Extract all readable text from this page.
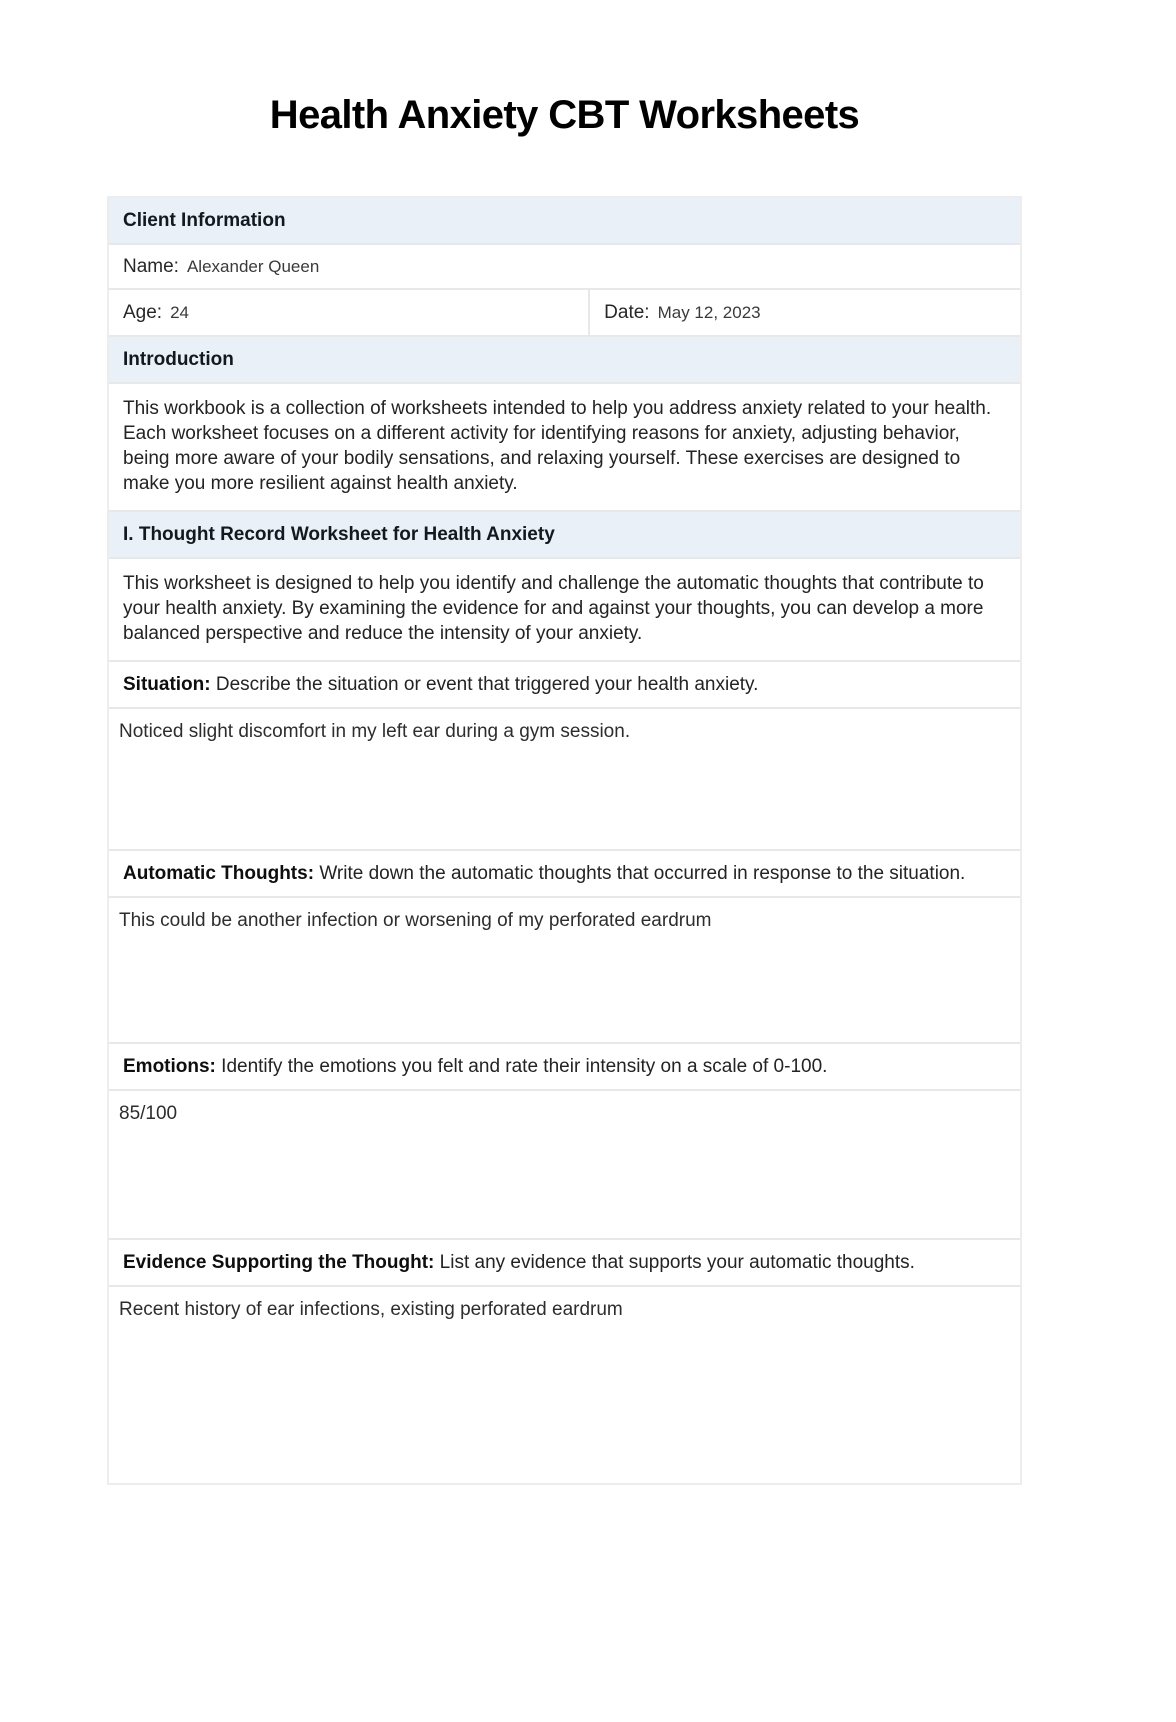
Health Anxiety CBT Worksheets
Client Information
Name: Alexander Queen
Age: 24	Date: May 12, 2023
Introduction
This workbook is a collection of worksheets intended to help you address anxiety related to your health. Each worksheet focuses on a different activity for identifying reasons for anxiety, adjusting behavior, being more aware of your bodily sensations, and relaxing yourself. These exercises are designed to make you more resilient against health anxiety.
I. Thought Record Worksheet for Health Anxiety
This worksheet is designed to help you identify and challenge the automatic thoughts that contribute to your health anxiety. By examining the evidence for and against your thoughts, you can develop a more balanced perspective and reduce the intensity of your anxiety.
Situation: Describe the situation or event that triggered your health anxiety.
Noticed slight discomfort in my left ear during a gym session.
Automatic Thoughts: Write down the automatic thoughts that occurred in response to the situation.
This could be another infection or worsening of my perforated eardrum
Emotions: Identify the emotions you felt and rate their intensity on a scale of 0-100.
85/100
Evidence Supporting the Thought: List any evidence that supports your automatic thoughts.
Recent history of ear infections, existing perforated eardrum
